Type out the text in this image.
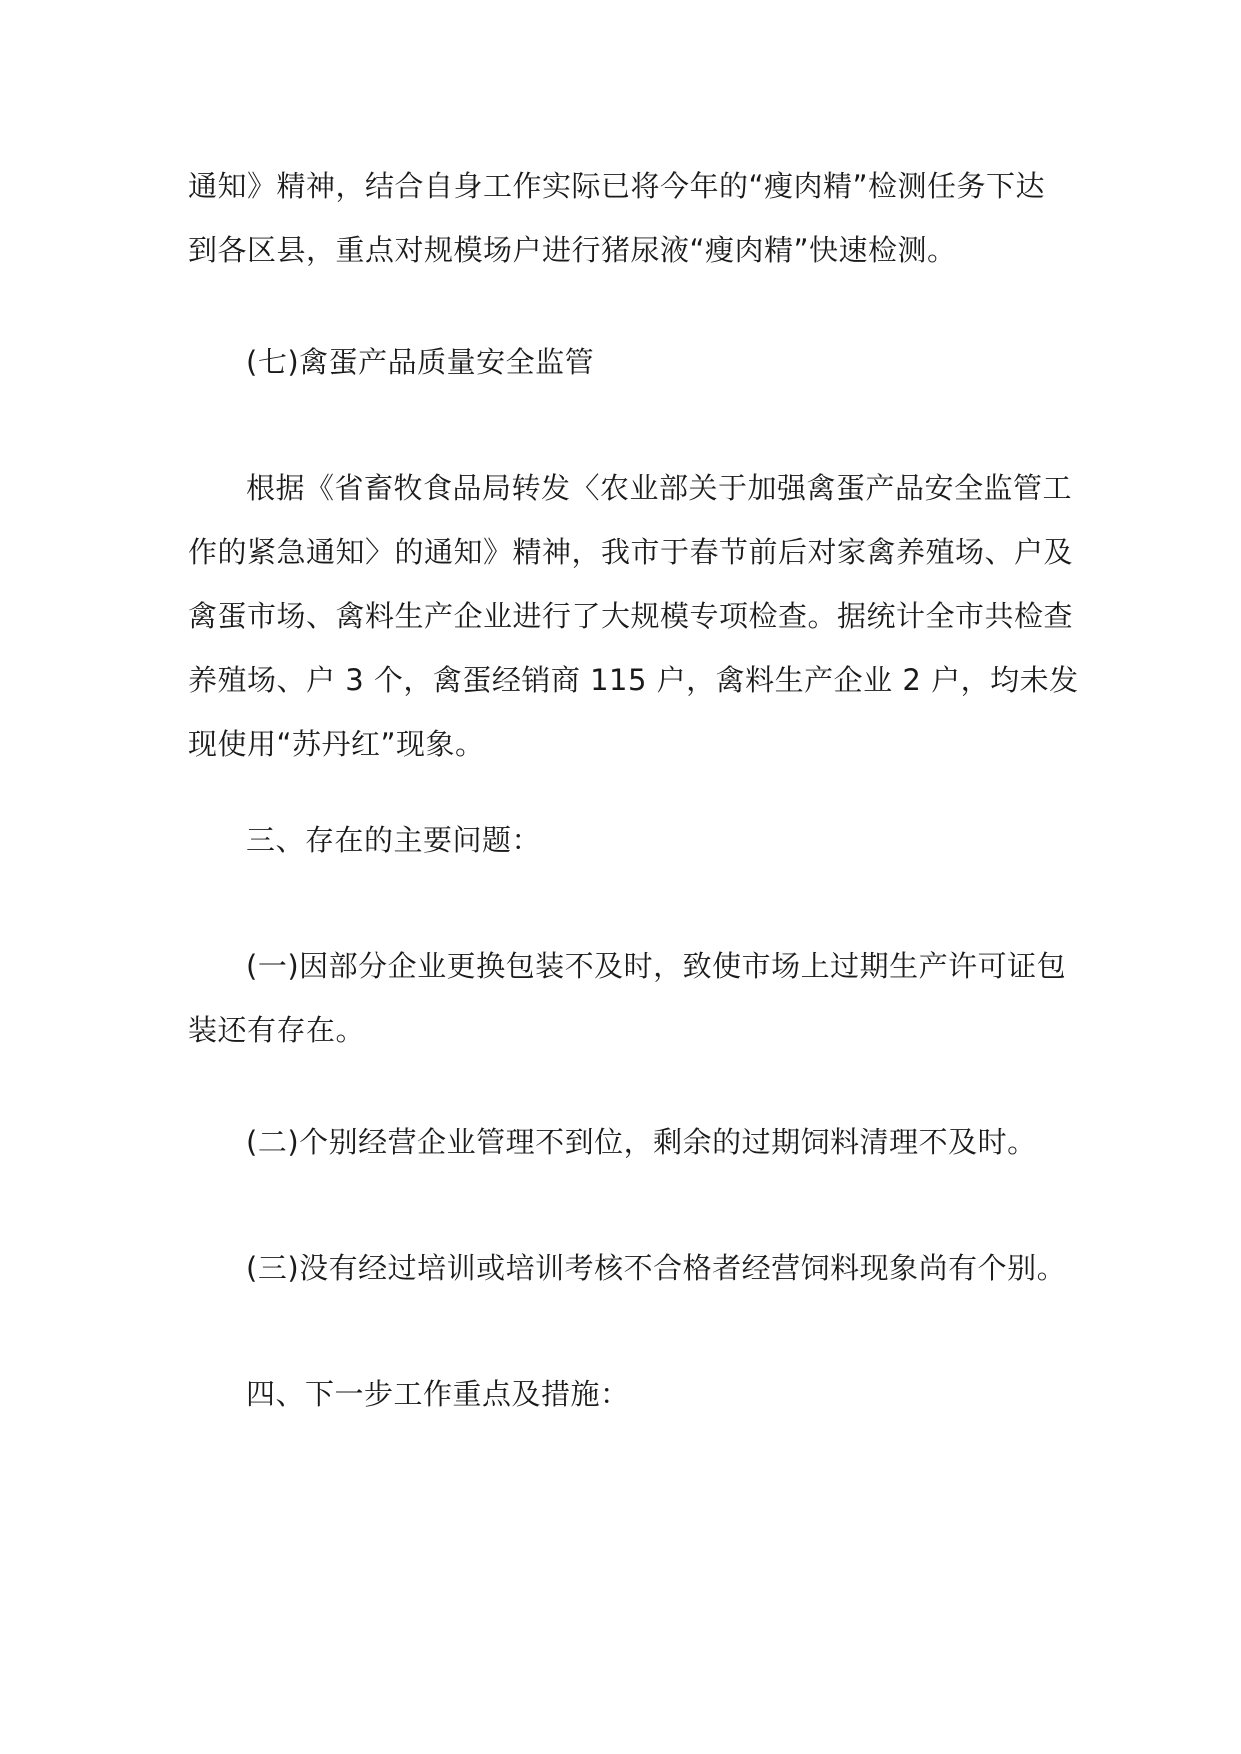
通知》精神，结合自身工作实际已将今年的“瘦肉精”检测任务下达
到各区县，重点对规模场户进行猪尿液“瘦肉精”快速检测。

(七)禽蛋产品质量安全监管

根据《省畜牧食品局转发〈农业部关于加强禽蛋产品安全监管工
作的紧急通知〉的通知》精神，我市于春节前后对家禽养殖场、户及
禽蛋市场、禽料生产企业进行了大规模专项检查。据统计全市共检查
养殖场、户 3 个，禽蛋经销商 115 户，禽料生产企业 2 户，均未发
现使用“苏丹红”现象。

三、存在的主要问题：

(一)因部分企业更换包装不及时，致使市场上过期生产许可证包
装还有存在。

(二)个别经营企业管理不到位，剩余的过期饲料清理不及时。

(三)没有经过培训或培训考核不合格者经营饲料现象尚有个别。

四、下一步工作重点及措施：
